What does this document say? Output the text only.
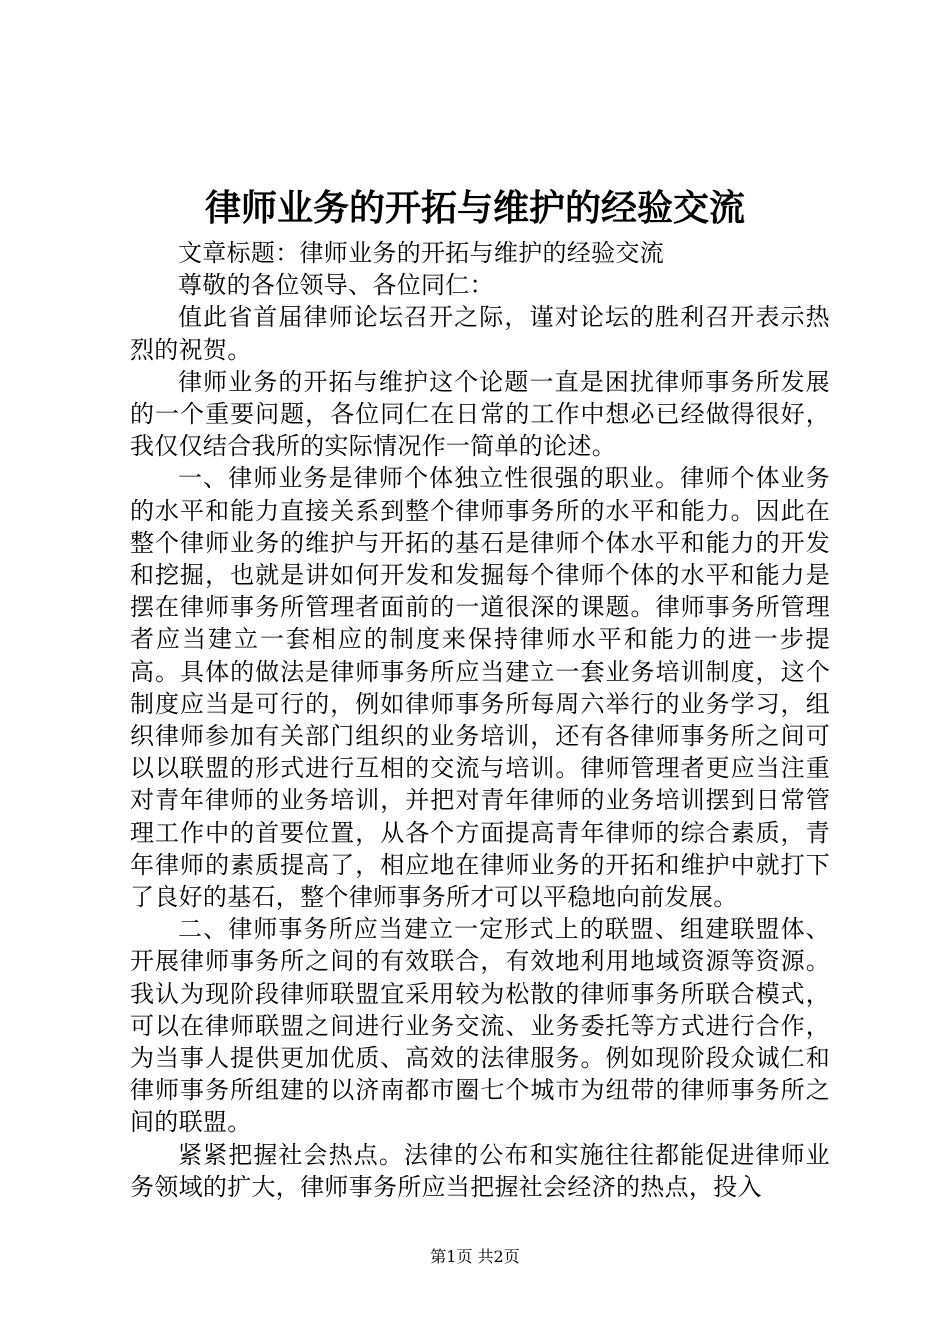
律师业务的开拓与维护的经验交流

文章标题：律师业务的开拓与维护的经验交流

尊敬的各位领导、各位同仁：

值此省首届律师论坛召开之际，谨对论坛的胜利召开表示热烈的祝贺。

律师业务的开拓与维护这个论题一直是困扰律师事务所发展的一个重要问题，各位同仁在日常的工作中想必已经做得很好，我仅仅结合我所的实际情况作一简单的论述。

一、律师业务是律师个体独立性很强的职业。律师个体业务的水平和能力直接关系到整个律师事务所的水平和能力。因此在整个律师业务的维护与开拓的基石是律师个体水平和能力的开发和挖掘，也就是讲如何开发和发掘每个律师个体的水平和能力是摆在律师事务所管理者面前的一道很深的课题。律师事务所管理者应当建立一套相应的制度来保持律师水平和能力的进一步提高。具体的做法是律师事务所应当建立一套业务培训制度，这个制度应当是可行的，例如律师事务所每周六举行的业务学习，组织律师参加有关部门组织的业务培训，还有各律师事务所之间可以以联盟的形式进行互相的交流与培训。律师管理者更应当注重对青年律师的业务培训，并把对青年律师的业务培训摆到日常管理工作中的首要位置，从各个方面提高青年律师的综合素质，青年律师的素质提高了，相应地在律师业务的开拓和维护中就打下了良好的基石，整个律师事务所才可以平稳地向前发展。

二、律师事务所应当建立一定形式上的联盟、组建联盟体、开展律师事务所之间的有效联合，有效地利用地域资源等资源。我认为现阶段律师联盟宜采用较为松散的律师事务所联合模式，可以在律师联盟之间进行业务交流、业务委托等方式进行合作，为当事人提供更加优质、高效的法律服务。例如现阶段众诚仁和律师事务所组建的以济南都市圈七个城市为纽带的律师事务所之间的联盟。

紧紧把握社会热点。法律的公布和实施往往都能促进律师业务领域的扩大，律师事务所应当把握社会经济的热点，投入

第1页 共2页
